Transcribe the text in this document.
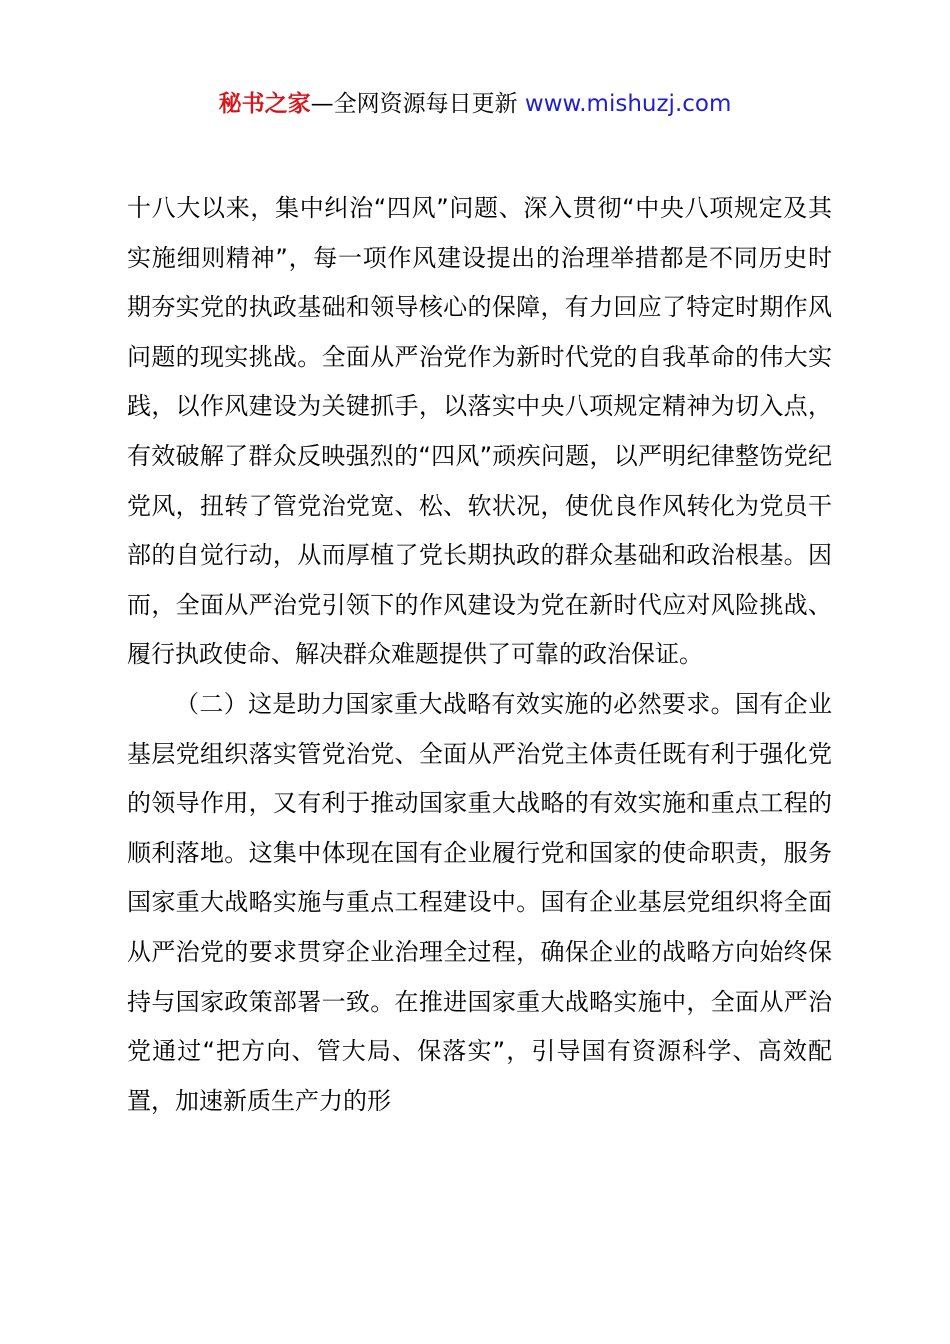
秘书之家—全网资源每日更新 www.mishuzj.com

十八大以来，集中纠治“四风”问题、深入贯彻“中央八项规定及其实施细则精神”，每一项作风建设提出的治理举措都是不同历史时期夯实党的执政基础和领导核心的保障，有力回应了特定时期作风问题的现实挑战。全面从严治党作为新时代党的自我革命的伟大实践，以作风建设为关键抓手，以落实中央八项规定精神为切入点，有效破解了群众反映强烈的“四风”顽疾问题，以严明纪律整饬党纪党风，扭转了管党治党宽、松、软状况，使优良作风转化为党员干部的自觉行动，从而厚植了党长期执政的群众基础和政治根基。因而，全面从严治党引领下的作风建设为党在新时代应对风险挑战、履行执政使命、解决群众难题提供了可靠的政治保证。

（二）这是助力国家重大战略有效实施的必然要求。国有企业基层党组织落实管党治党、全面从严治党主体责任既有利于强化党的领导作用，又有利于推动国家重大战略的有效实施和重点工程的顺利落地。这集中体现在国有企业履行党和国家的使命职责，服务国家重大战略实施与重点工程建设中。国有企业基层党组织将全面从严治党的要求贯穿企业治理全过程，确保企业的战略方向始终保持与国家政策部署一致。在推进国家重大战略实施中，全面从严治党通过“把方向、管大局、保落实”，引导国有资源科学、高效配置，加速新质生产力的形
